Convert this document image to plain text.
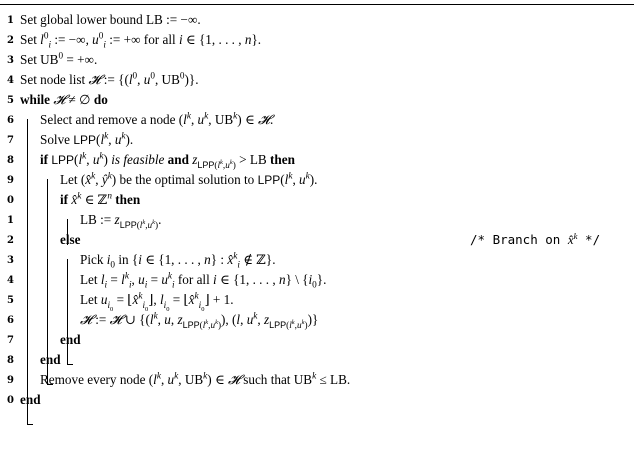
1 Set global lower bound LB := −∞.
2 Set $l^0_i$ := −∞, $u^0_i$ := +∞ for all i ∈ {1, . . . , n}.
3 Set $UB^0$ = +∞.
4 Set node list 𝓗 := {($l^0$, $u^0$, $UB^0$)}.
5 while 𝓗 ≠ ∅ do
6 Select and remove a node ($l^k$, $u^k$, $UB^k$) ∈ 𝓗.
7 Solve $LPP(l^k$, $u^k$).
8 if $LPP(l^k$, $u^k$) is feasible and $z_{LPP(l^k,u^k)}$ > LB then
9	Let (x̂$^k$, $ŷ^k$) be the optimal solution to $LPP(l^k$, $u^k$).
0	if x̂$^k$ ∈ ℤ$^n$ then
1	LB := $z_{LPP(l^k,u^k)}$.
2	else	/* Branch on x̂$^k$ */
3	Pick $i_0$ in {i ∈ {1, . . . , n} : x̂$^k_i$ ∉ ℤ}.
4	Let $l_i = l^k_i$, $u_i = u^k_i$ for all i ∈ {1, . . . , n} \ $\{i_0\}$.
5	Let $u_{i_0}$ = ⌊x̂$^k_{i_0}$⌋, $l_{i_0}$ = ⌊x̂$^k_{i_0}$⌋ + 1.
6	𝓗 := 𝓗 ∪ {($l^k$, u, $z_{LPP(l^k,u^k)}$), (l, $u^k$, $z_{LPP(l^k,u^k)}$)}
7	end
8 end
9 Remove every node ($l^k$, $u^k$, $UB^k$) ∈ 𝓗 such that $UB^k$ ≤ LB.
0 end
